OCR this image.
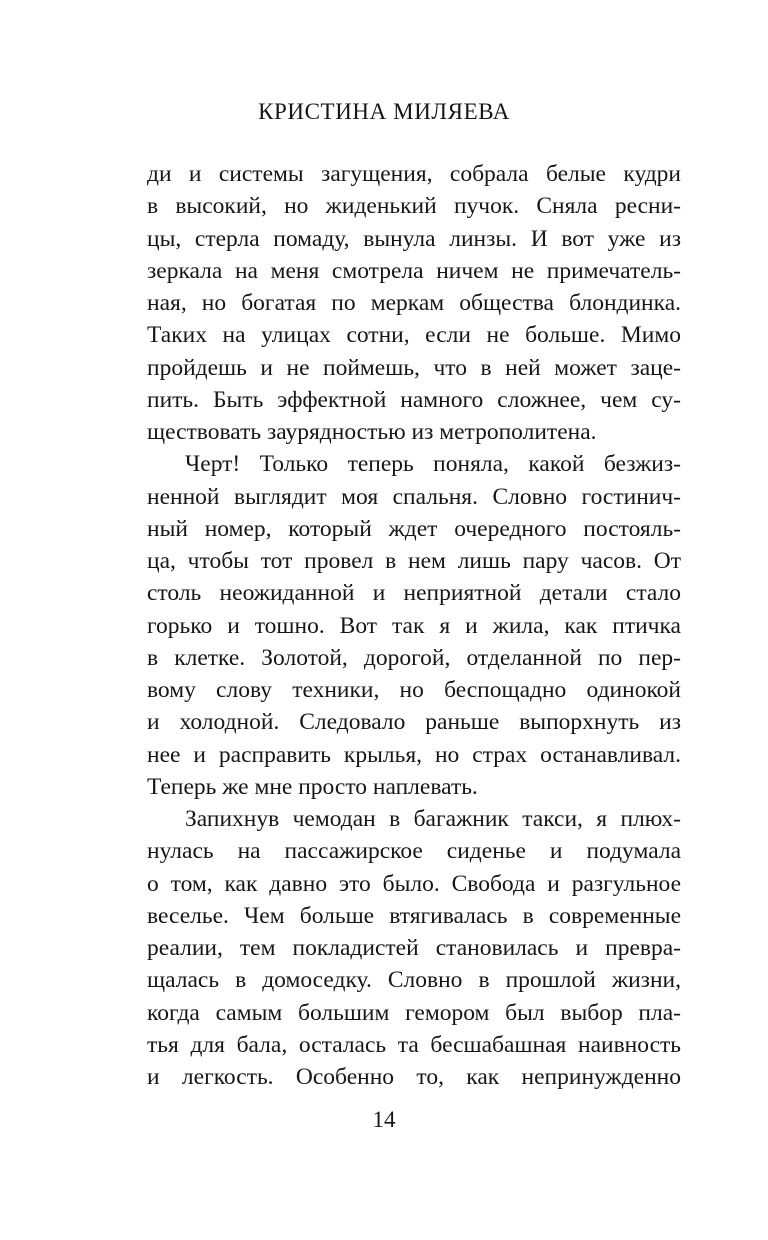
КРИСТИНА МИЛЯЕВА
ди и системы загущения, собрала белые кудри
в высокий, но жиденький пучок. Сняла ресни-
цы, стерла помаду, вынула линзы. И вот уже из
зеркала на меня смотрела ничем не примечатель-
ная, но богатая по меркам общества блондинка.
Таких на улицах сотни, если не больше. Мимо
пройдешь и не поймешь, что в ней может заце-
пить. Быть эффектной намного сложнее, чем су-
ществовать заурядностью из метрополитена.
Черт! Только теперь поняла, какой безжиз-
ненной выглядит моя спальня. Словно гостинич-
ный номер, который ждет очередного постояль-
ца, чтобы тот провел в нем лишь пару часов. От
столь неожиданной и неприятной детали стало
горько и тошно. Вот так я и жила, как птичка
в клетке. Золотой, дорогой, отделанной по пер-
вому слову техники, но беспощадно одинокой
и холодной. Следовало раньше выпорхнуть из
нее и расправить крылья, но страх останавливал.
Теперь же мне просто наплевать.
Запихнув чемодан в багажник такси, я плюх-
нулась на пассажирское сиденье и подумала
о том, как давно это было. Свобода и разгульное
веселье. Чем больше втягивалась в современные
реалии, тем покладистей становилась и превра-
щалась в домоседку. Словно в прошлой жизни,
когда самым большим гемором был выбор пла-
тья для бала, осталась та бесшабашная наивность
и легкость. Особенно то, как непринужденно
14
